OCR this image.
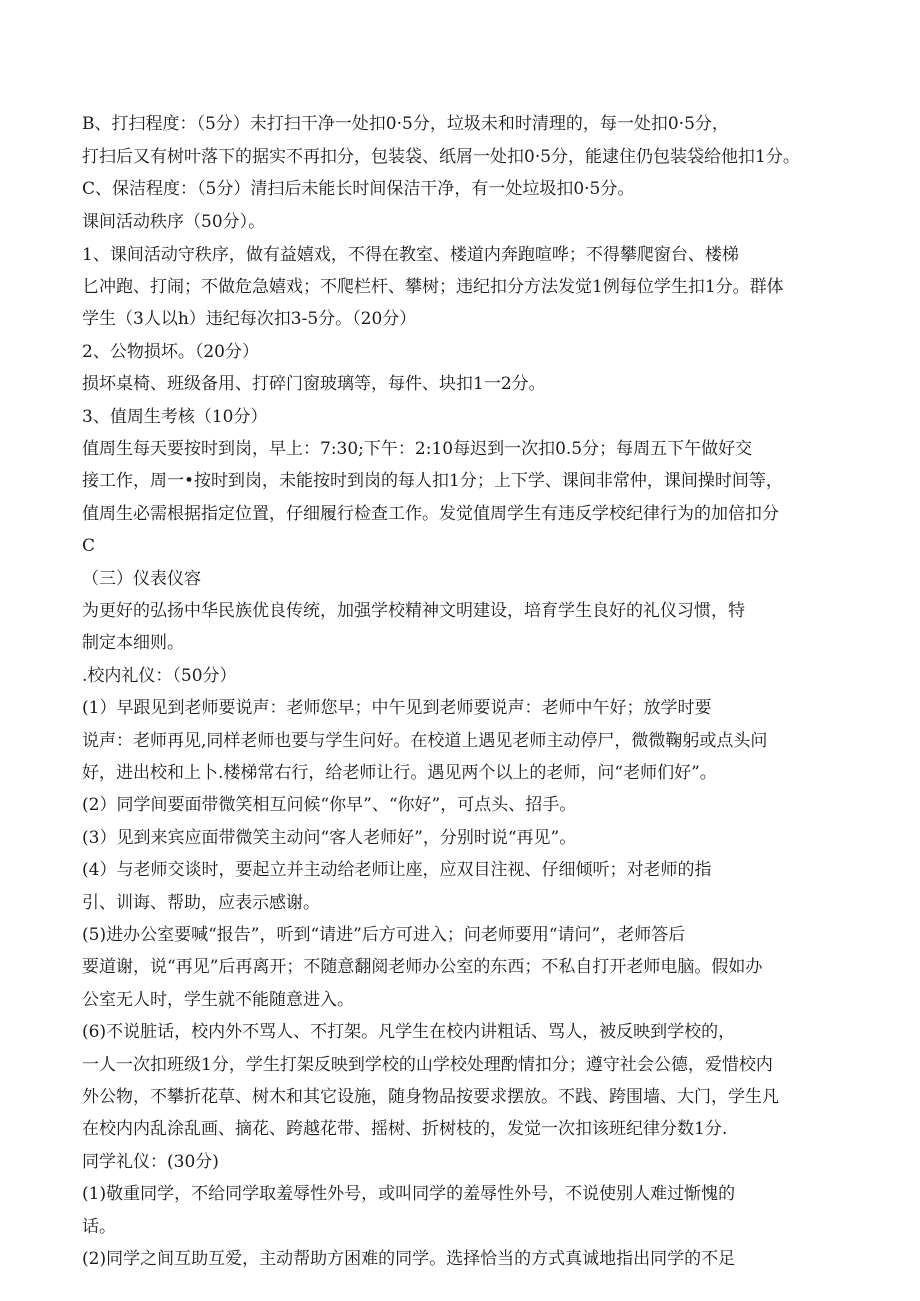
B、打扫程度：（5分）未打扫干净一处扣0·5分，垃圾未和时清理的，每一处扣0·5分，

打扫后又有树叶落下的据实不再扣分，包装袋、纸屑一处扣0·5分，能逮住仍包装袋给他扣1分。

C、保洁程度：（5分）清扫后未能长时间保洁干净，有一处垃圾扣0·5分。

课间活动秩序（50分）。

1、课间活动守秩序，做有益嬉戏，不得在教室、楼道内奔跑喧哗；不得攀爬窗台、楼梯

匕冲跑、打闹；不做危急嬉戏；不爬栏杆、攀树；违纪扣分方法发觉1例每位学生扣1分。群体

学生（3人以h）违纪每次扣3-5分。（20分）

2、公物损坏。（20分）

损坏桌椅、班级备用、打碎门窗玻璃等，每件、块扣1一2分。

3、值周生考核（10分）

值周生每天要按时到岗，早上：7:30;下午：2:10每迟到一次扣0.5分；每周五下午做好交

接工作，周一•按时到岗，未能按时到岗的每人扣1分；上下学、课间非常仲，课间操时间等，

值周生必需根据指定位置，仔细履行检查工作。发觉值周学生有违反学校纪律行为的加倍扣分

C

（三）仪表仪容

为更好的弘扬中华民族优良传统，加强学校精神文明建设，培育学生良好的礼仪习惯，特

制定本细则。

.校内礼仪：（50分）

(1）早跟见到老师要说声：老师您早；中午见到老师要说声：老师中午好；放学时要

说声：老师再见,同样老师也要与学生问好。在校道上遇见老师主动停尸，微微鞠躬或点头问

好，进出校和上卜.楼梯常右行，给老师让行。遇见两个以上的老师，问“老师们好”。

(2）同学间要面带微笑相互问候“你早”、“你好”，可点头、招手。

(3）见到来宾应面带微笑主动问“客人老师好”，分别时说“再见”。

(4）与老师交谈时，要起立并主动给老师让座，应双目注视、仔细倾听；对老师的指

引、训诲、帮助，应表示感谢。

(5)进办公室要喊“报告”，听到“请进”后方可进入；问老师要用“请问”，老师答后

要道谢，说“再见”后再离开；不随意翻阅老师办公室的东西；不私自打开老师电脑。假如办

公室无人时，学生就不能随意进入。

(6)不说脏话，校内外不骂人、不打架。凡学生在校内讲粗话、骂人，被反映到学校的，

一人一次扣班级1分，学生打架反映到学校的山学校处理酌情扣分；遵守社会公德，爱惜校内

外公物，不攀折花草、树木和其它设施，随身物品按要求摆放。不践、跨围墙、大门，学生凡

在校内内乱涂乱画、摘花、跨越花带、摇树、折树枝的，发觉一次扣该班纪律分数1分.

同学礼仪：(30分)

(1)敬重同学，不给同学取羞辱性外号，或叫同学的羞辱性外号，不说使别人难过惭愧的

话。

(2)同学之间互助互爱，主动帮助方困难的同学。选择恰当的方式真诚地指出同学的不足
